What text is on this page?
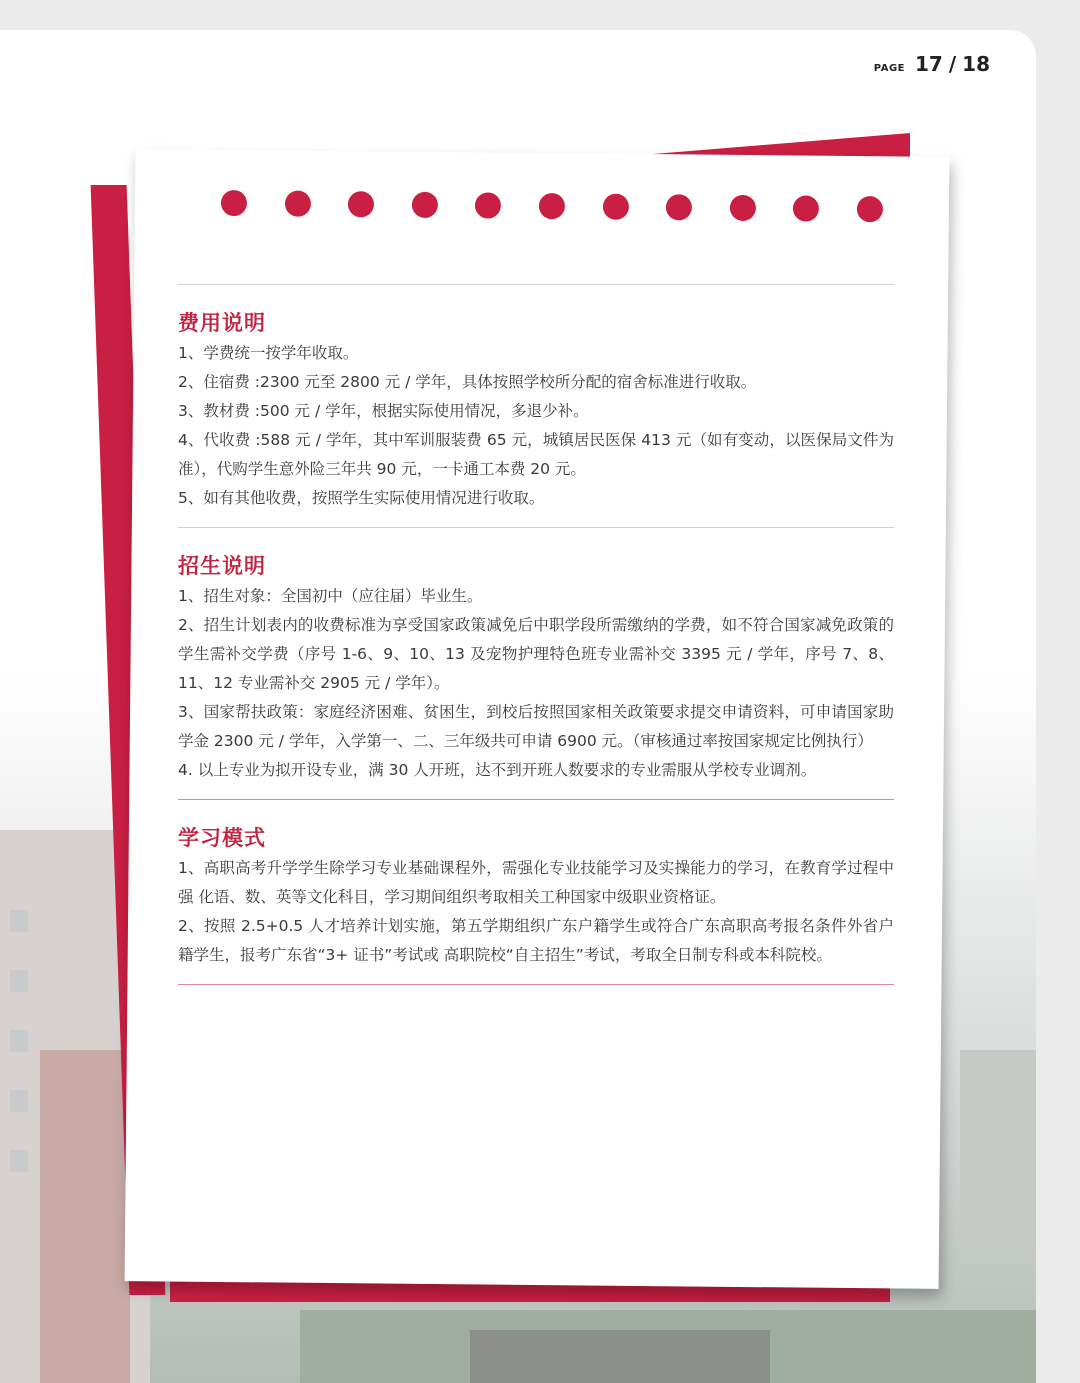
PAGE 17 / 18
费用说明

1、学费统一按学年收取。

2、住宿费 :2300 元至 2800 元 / 学年，具体按照学校所分配的宿舍标准进行收取。

3、教材费 :500 元 / 学年，根据实际使用情况，多退少补。

4、代收费 :588 元 / 学年，其中军训服装费 65 元，城镇居民医保 413 元（如有变动，以医保局文件为准），代购学生意外险三年共 90 元，一卡通工本费 20 元。

5、如有其他收费，按照学生实际使用情况进行收取。

招生说明

1、招生对象：全国初中（应往届）毕业生。

2、招生计划表内的收费标准为享受国家政策减免后中职学段所需缴纳的学费，如不符合国家减免政策的学生需补交学费（序号 1-6、9、10、13 及宠物护理特色班专业需补交 3395 元 / 学年，序号 7、8、11、12 专业需补交 2905 元 / 学年）。

3、国家帮扶政策：家庭经济困难、贫困生，到校后按照国家相关政策要求提交申请资料，可申请国家助学金 2300 元 / 学年，入学第一、二、三年级共可申请 6900 元。（审核通过率按国家规定比例执行）

4. 以上专业为拟开设专业，满 30 人开班，达不到开班人数要求的专业需服从学校专业调剂。

学习模式

1、高职高考升学学生除学习专业基础课程外，需强化专业技能学习及实操能力的学习，在教育学过程中强 化语、数、英等文化科目，学习期间组织考取相关工种国家中级职业资格证。

2、按照 2.5+0.5 人才培养计划实施，第五学期组织广东户籍学生或符合广东高职高考报名条件外省户籍学生，报考广东省“3+ 证书”考试或 高职院校“自主招生”考试，考取全日制专科或本科院校。
